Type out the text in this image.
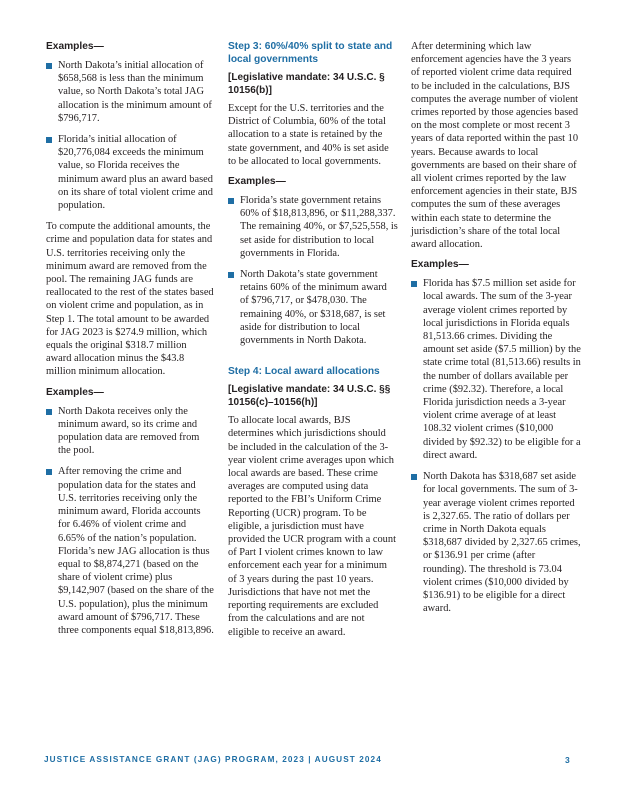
Examples—
North Dakota’s initial allocation of $658,568 is less than the minimum value, so North Dakota’s total JAG allocation is the minimum amount of $796,717.
Florida’s initial allocation of $20,776,084 exceeds the minimum value, so Florida receives the minimum award plus an award based on its share of total violent crime and population.

To compute the additional amounts, the crime and population data for states and U.S. territories receiving only the minimum award are removed from the pool. The remaining JAG funds are reallocated to the rest of the states based on violent crime and population, as in Step 1. The total amount to be awarded for JAG 2023 is $274.9 million, which equals the original $318.7 million award allocation minus the $43.8 million minimum allocation.

Examples—
North Dakota receives only the minimum award, so its crime and population data are removed from the pool.
After removing the crime and population data for the states and U.S. territories receiving only the minimum award, Florida accounts for 6.46% of violent crime and 6.65% of the nation’s population. Florida’s new JAG allocation is thus equal to $8,874,271 (based on the share of violent crime) plus $9,142,907 (based on the share of the U.S. population), plus the minimum award amount of $796,717. These three components equal $18,813,896.
Step 3: 60%/40% split to state and local governments
[Legislative mandate: 34 U.S.C. § 10156(b)]

Except for the U.S. territories and the District of Columbia, 60% of the total allocation to a state is retained by the state government, and 40% is set aside to be allocated to local governments.

Examples—
Florida’s state government retains 60% of $18,813,896, or $11,288,337. The remaining 40%, or $7,525,558, is set aside for distribution to local governments in Florida.
North Dakota’s state government retains 60% of the minimum award of $796,717, or $478,030. The remaining 40%, or $318,687, is set aside for distribution to local governments in North Dakota.
Step 4: Local award allocations
[Legislative mandate: 34 U.S.C. §§ 10156(c)–10156(h)]

To allocate local awards, BJS determines which jurisdictions should be included in the calculation of the 3-year violent crime averages upon which local awards are based. These crime averages are computed using data reported to the FBI’s Uniform Crime Reporting (UCR) program. To be eligible, a jurisdiction must have provided the UCR program with a count of Part I violent crimes known to law enforcement each year for a minimum of 3 years during the past 10 years. Jurisdictions that have not met the reporting requirements are excluded from the calculations and are not eligible to receive an award.

After determining which law enforcement agencies have the 3 years of reported violent crime data required to be included in the calculations, BJS computes the average number of violent crimes reported by those agencies based on the most complete or most recent 3 years of data reported within the past 10 years. Because awards to local governments are based on their share of all violent crimes reported by the law enforcement agencies in their state, BJS computes the sum of these averages within each state to determine the jurisdiction’s share of the total local award allocation.

Examples—
Florida has $7.5 million set aside for local awards. The sum of the 3-year average violent crimes reported by local jurisdictions in Florida equals 81,513.66 crimes. Dividing the amount set aside ($7.5 million) by the state crime total (81,513.66) results in the number of dollars available per crime ($92.32). Therefore, a local Florida jurisdiction needs a 3-year violent crime average of at least 108.32 violent crimes ($10,000 divided by $92.32) to be eligible for a direct award.
North Dakota has $318,687 set aside for local governments. The sum of 3-year average violent crimes reported is 2,327.65. The ratio of dollars per crime in North Dakota equals $318,687 divided by 2,327.65 crimes, or $136.91 per crime (after rounding). The threshold is 73.04 violent crimes ($10,000 divided by $136.91) to be eligible for a direct award.
JUSTICE ASSISTANCE GRANT (JAG) PROGRAM, 2023 | AUGUST 2024	3
